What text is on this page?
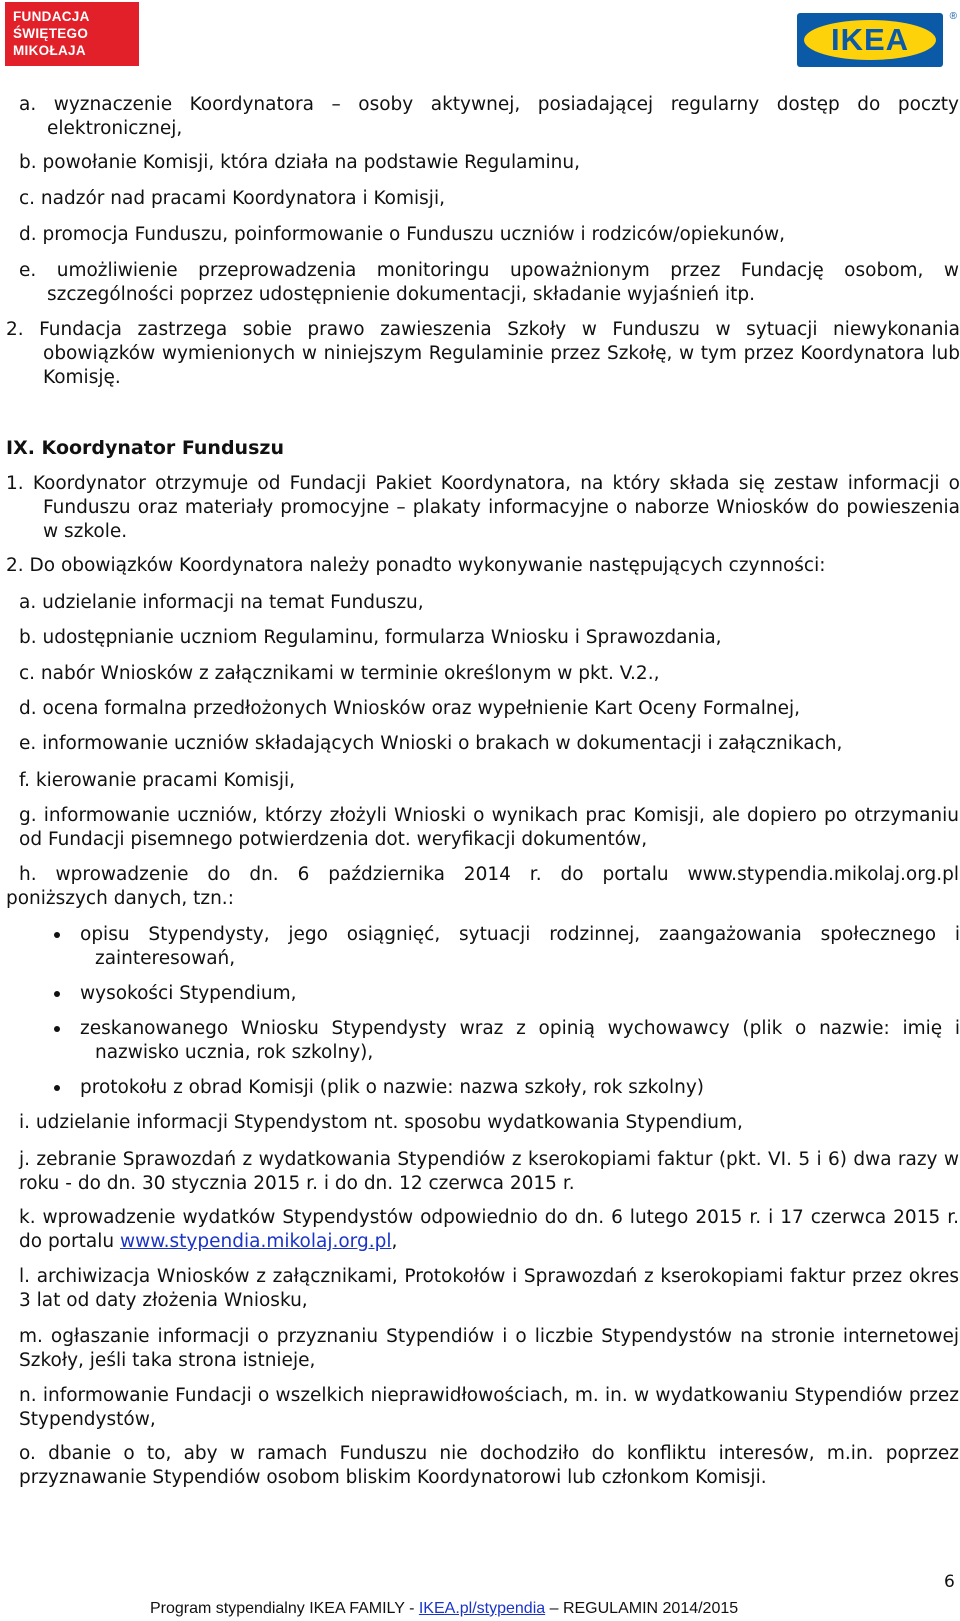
FUNDACJA
ŚWIĘTEGO
MIKOŁAJA	IKEA
®

a. wyznaczenie Koordynatora – osoby aktywnej, posiadającej regularny dostęp do poczty elektronicznej,

b. powołanie Komisji, która działa na podstawie Regulaminu,

c. nadzór nad pracami Koordynatora i Komisji,

d. promocja Funduszu, poinformowanie o Funduszu uczniów i rodziców/opiekunów,

e. umożliwienie przeprowadzenia monitoringu upoważnionym przez Fundację osobom, w szczególności poprzez udostępnienie dokumentacji, składanie wyjaśnień itp.

2. Fundacja zastrzega sobie prawo zawieszenia Szkoły w Funduszu w sytuacji niewykonania obowiązków wymienionych w niniejszym Regulaminie przez Szkołę, w tym przez Koordynatora lub Komisję.

IX. Koordynator Funduszu

1. Koordynator otrzymuje od Fundacji Pakiet Koordynatora, na który składa się zestaw informacji o Funduszu oraz materiały promocyjne – plakaty informacyjne o naborze Wniosków do powieszenia w szkole.

2. Do obowiązków Koordynatora należy ponadto wykonywanie następujących czynności:

a. udzielanie informacji na temat Funduszu,

b. udostępnianie uczniom Regulaminu, formularza Wniosku i Sprawozdania,

c. nabór Wniosków z załącznikami w terminie określonym w pkt. V.2.,

d. ocena formalna przedłożonych Wniosków oraz wypełnienie Kart Oceny Formalnej,

e. informowanie uczniów składających Wnioski o brakach w dokumentacji i załącznikach,

f. kierowanie pracami Komisji,

g. informowanie uczniów, którzy złożyli Wnioski o wynikach prac Komisji, ale dopiero po otrzymaniu od Fundacji pisemnego potwierdzenia dot. weryfikacji dokumentów,

h. wprowadzenie do dn. 6 października 2014 r. do portalu www.stypendia.mikolaj.org.pl

poniższych danych, tzn.:

opisu Stypendysty, jego osiągnięć, sytuacji rodzinnej, zaangażowania społecznego i zainteresowań,
wysokości Stypendium,
zeskanowanego Wniosku Stypendysty wraz z opinią wychowawcy (plik o nazwie: imię i nazwisko ucznia, rok szkolny),
protokołu z obrad Komisji (plik o nazwie: nazwa szkoły, rok szkolny)

i. udzielanie informacji Stypendystom nt. sposobu wydatkowania Stypendium,

j. zebranie Sprawozdań z wydatkowania Stypendiów z kserokopiami faktur (pkt. VI. 5 i 6) dwa razy w roku - do dn. 30 stycznia 2015 r. i do dn. 12 czerwca 2015 r.

k. wprowadzenie wydatków Stypendystów odpowiednio do dn. 6 lutego 2015 r. i 17 czerwca 2015 r. do portalu www.stypendia.mikolaj.org.pl,

l. archiwizacja Wniosków z załącznikami, Protokołów i Sprawozdań z kserokopiami faktur przez okres 3 lat od daty złożenia Wniosku,

m. ogłaszanie informacji o przyznaniu Stypendiów i o liczbie Stypendystów na stronie internetowej Szkoły, jeśli taka strona istnieje,

n. informowanie Fundacji o wszelkich nieprawidłowościach, m. in. w wydatkowaniu Stypendiów przez Stypendystów,

o. dbanie o to, aby w ramach Funduszu nie dochodziło do konfliktu interesów, m.in. poprzez przyznawanie Stypendiów osobom bliskim Koordynatorowi lub członkom Komisji.

6
Program stypendialny IKEA FAMILY - IKEA.pl/stypendia – REGULAMIN 2014/2015
